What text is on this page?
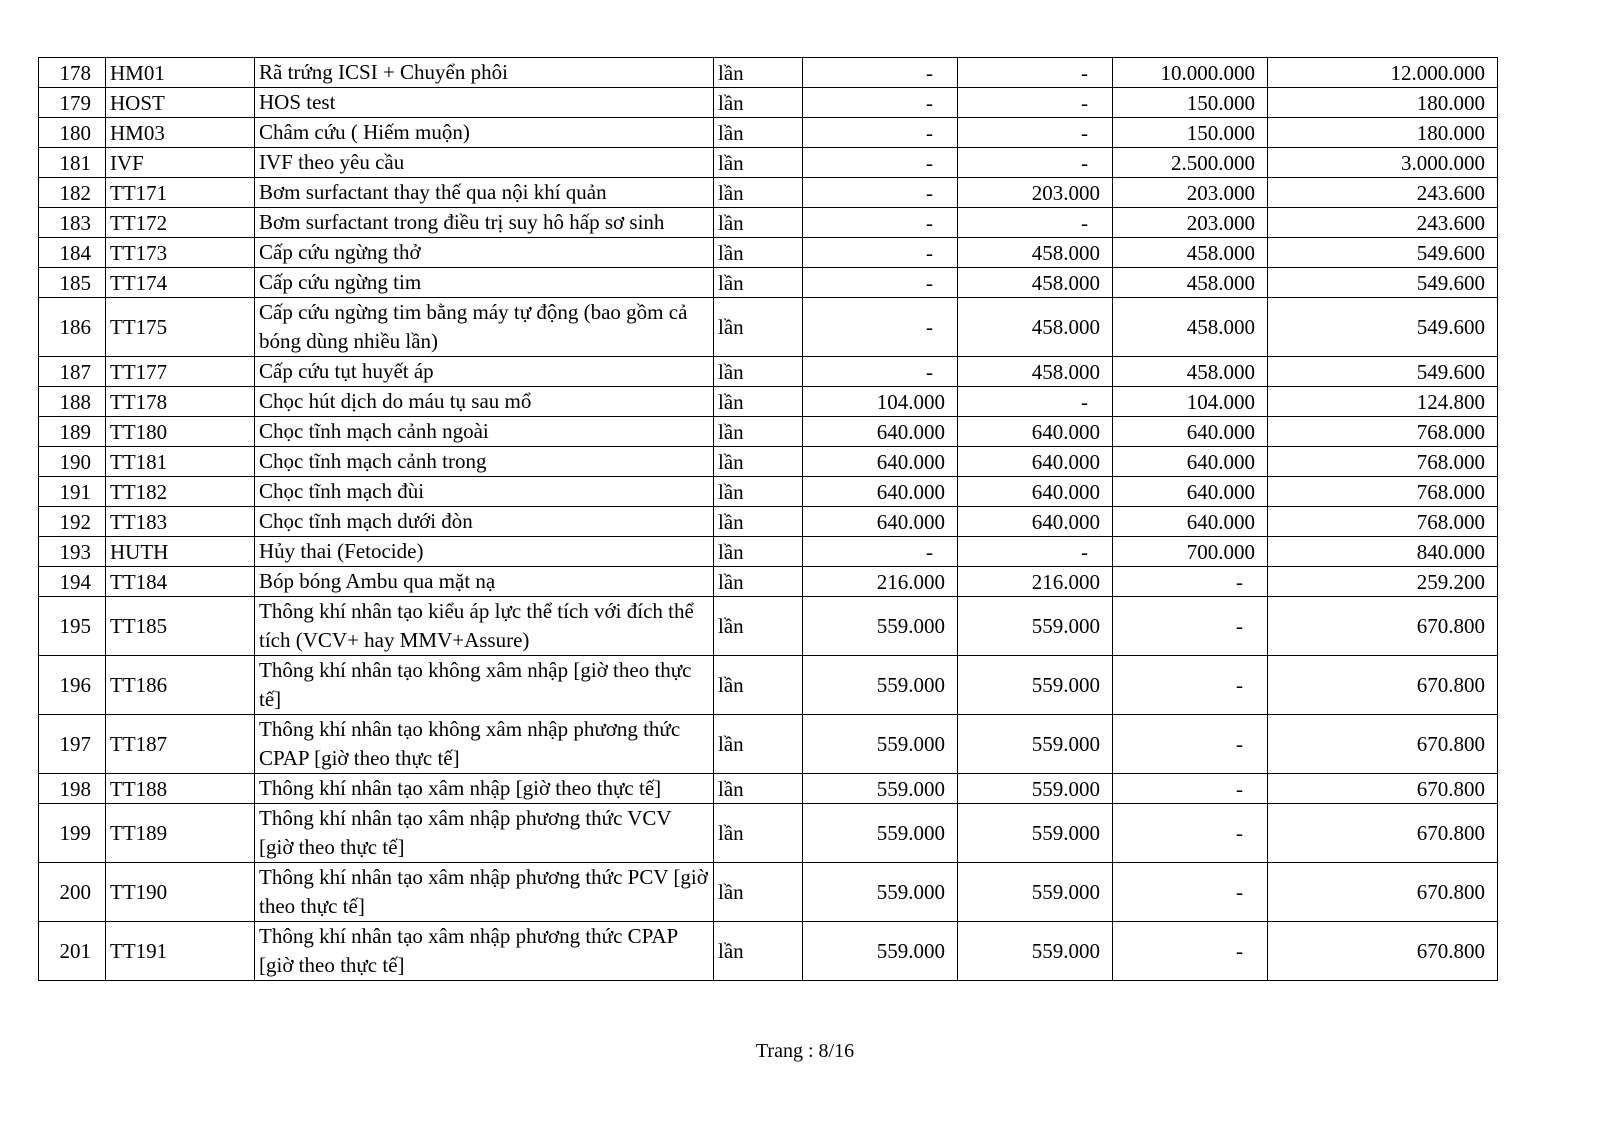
178	HM01	Rã trứng ICSI + Chuyển phôi	lần	-	-	10.000.000	12.000.000
179	HOST	HOS test	lần	-	-	150.000	180.000
180	HM03	Châm cứu ( Hiếm muộn)	lần	-	-	150.000	180.000
181	IVF	IVF theo yêu cầu	lần	-	-	2.500.000	3.000.000
182	TT171	Bơm surfactant thay thế qua nội khí quản	lần	-	203.000	203.000	243.600
183	TT172	Bơm surfactant trong điều trị suy hô hấp sơ sinh	lần	-	-	203.000	243.600
184	TT173	Cấp cứu ngừng thở	lần	-	458.000	458.000	549.600
185	TT174	Cấp cứu ngừng tim	lần	-	458.000	458.000	549.600
186	TT175	Cấp cứu ngừng tim bằng máy tự động (bao gồm cả bóng dùng nhiều lần)	lần	-	458.000	458.000	549.600
187	TT177	Cấp cứu tụt huyết áp	lần	-	458.000	458.000	549.600
188	TT178	Chọc hút dịch do máu tụ sau mổ	lần	104.000	-	104.000	124.800
189	TT180	Chọc tĩnh mạch cảnh ngoài	lần	640.000	640.000	640.000	768.000
190	TT181	Chọc tĩnh mạch cảnh trong	lần	640.000	640.000	640.000	768.000
191	TT182	Chọc tĩnh mạch đùi	lần	640.000	640.000	640.000	768.000
192	TT183	Chọc tĩnh mạch dưới đòn	lần	640.000	640.000	640.000	768.000
193	HUTH	Hủy thai (Fetocide)	lần	-	-	700.000	840.000
194	TT184	Bóp bóng Ambu qua mặt nạ	lần	216.000	216.000	-	259.200
195	TT185	Thông khí nhân tạo kiểu áp lực thể tích với đích thể tích (VCV+ hay MMV+Assure)	lần	559.000	559.000	-	670.800
196	TT186	Thông khí nhân tạo không xâm nhập [giờ theo thực tế]	lần	559.000	559.000	-	670.800
197	TT187	Thông khí nhân tạo không xâm nhập phương thức CPAP [giờ theo thực tế]	lần	559.000	559.000	-	670.800
198	TT188	Thông khí nhân tạo xâm nhập [giờ theo thực tế]	lần	559.000	559.000	-	670.800
199	TT189	Thông khí nhân tạo xâm nhập phương thức VCV [giờ theo thực tế]	lần	559.000	559.000	-	670.800
200	TT190	Thông khí nhân tạo xâm nhập phương thức PCV [giờ theo thực tế]	lần	559.000	559.000	-	670.800
201	TT191	Thông khí nhân tạo xâm nhập phương thức CPAP [giờ theo thực tế]	lần	559.000	559.000	-	670.800
Trang : 8/16
